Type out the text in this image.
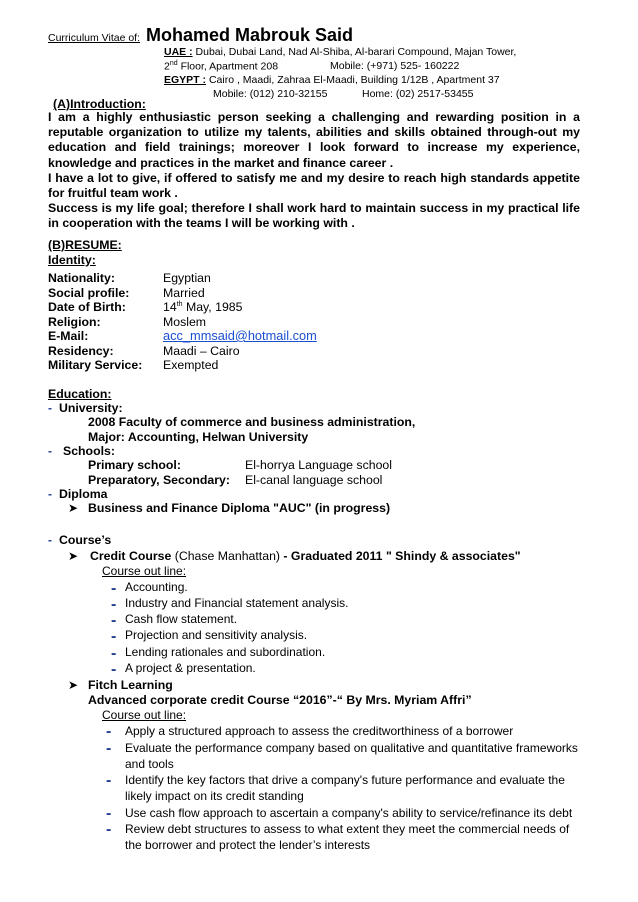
Curriculum Vitae of: Mohamed Mabrouk Said
UAE : Dubai, Dubai Land, Nad Al-Shiba, Al-barari Compound, Majan Tower,
2nd Floor, Apartment 208	Mobile: (+971) 525- 160222
EGYPT : Cairo , Maadi, Zahraa El-Maadi, Building 1/12B , Apartment 37
Mobile: (012) 210-32155	Home: (02) 2517-53455
(A)Introduction:

I am a highly enthusiastic person seeking a challenging and rewarding position in a reputable organization to utilize my talents, abilities and skills obtained through-out my education and field trainings; moreover I look forward to increase my experience, knowledge and practices in the market and finance career .

I have a lot to give, if offered to satisfy me and my desire to reach high standards appetite for fruitful team work .

Success is my life goal; therefore I shall work hard to maintain success in my practical life in cooperation with the teams I will be working with .

(B)RESUME:
Identity:
Nationality:	Egyptian
Social profile:	Married
Date of Birth:	14th May, 1985
Religion:	Moslem
E-Mail:	acc_mmsaid@hotmail.com
Residency:	Maadi – Cairo
Military Service: Exempted
Education:
- University:
2008 Faculty of commerce and business administration,
Major: Accounting, Helwan University
- Schools:
Primary school:	El-horrya Language school
Preparatory, Secondary: El-canal language school
- Diploma
➤ Business and Finance Diploma "AUC" (in progress)
- Course’s
➤ Credit Course (Chase Manhattan) - Graduated 2011 " Shindy & associates"
Course out line:
- Accounting.
- Industry and Financial statement analysis.
- Cash flow statement.
- Projection and sensitivity analysis.
- Lending rationales and subordination.
- A project & presentation.
➤ Fitch Learning
Advanced corporate credit Course “2016”-“ By Mrs. Myriam Affri”
Course out line:
- Apply a structured approach to assess the creditworthiness of a borrower
- Evaluate the performance company based on qualitative and quantitative frameworks and tools
- Identify the key factors that drive a company's future performance and evaluate the likely impact on its credit standing
- Use cash flow approach to ascertain a company's ability to service/refinance its debt
- Review debt structures to assess to what extent they meet the commercial needs of the borrower and protect the lender’s interests
